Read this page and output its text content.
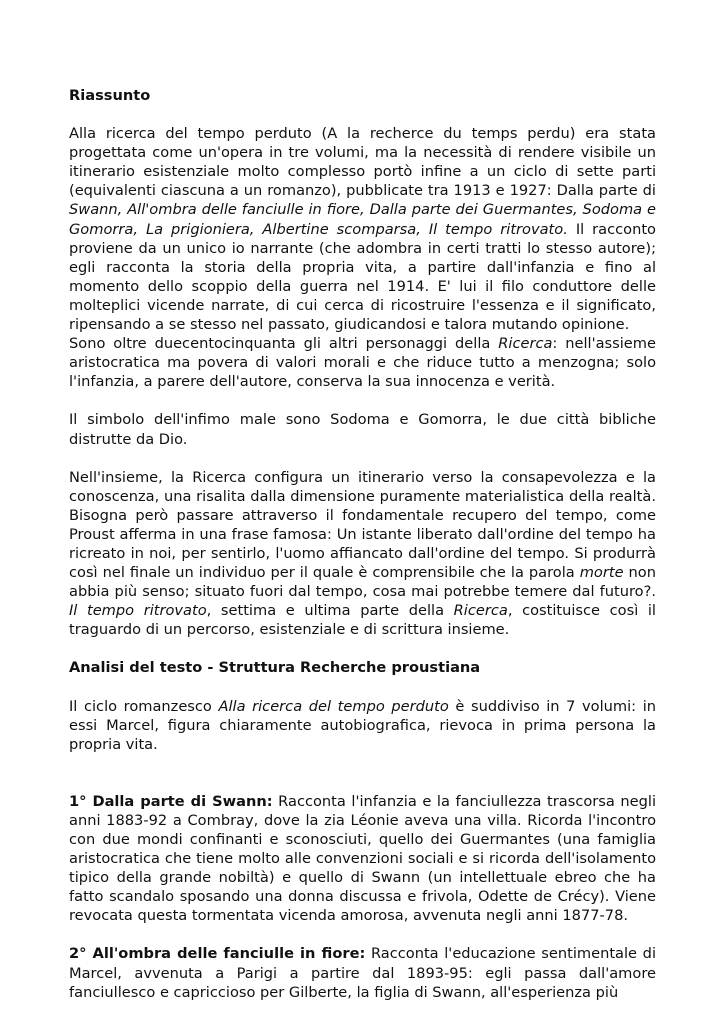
Riassunto

Alla ricerca del tempo perduto (A la recherce du temps perdu) era stata progettata come un'opera in tre volumi, ma la necessità di rendere visibile un itinerario esistenziale molto complesso portò infine a un ciclo di sette parti (equivalenti ciascuna a un romanzo), pubblicate tra 1913 e 1927: Dalla parte di Swann, All'ombra delle fanciulle in fiore, Dalla parte dei Guermantes, Sodoma e Gomorra, La prigioniera, Albertine scomparsa, Il tempo ritrovato. Il racconto proviene da un unico io narrante (che adombra in certi tratti lo stesso autore); egli racconta la storia della propria vita, a partire dall'infanzia e fino al momento dello scoppio della guerra nel 1914. E' lui il filo conduttore delle molteplici vicende narrate, di cui cerca di ricostruire l'essenza e il significato, ripensando a se stesso nel passato, giudicandosi e talora mutando opinione.

Sono oltre duecentocinquanta gli altri personaggi della Ricerca: nell'assieme aristocratica ma povera di valori morali e che riduce tutto a menzogna; solo l'infanzia, a parere dell'autore, conserva la sua innocenza e verità.

Il simbolo dell'infimo male sono Sodoma e Gomorra, le due città bibliche distrutte da Dio.

Nell'insieme, la Ricerca configura un itinerario verso la consapevolezza e la conoscenza, una risalita dalla dimensione puramente materialistica della realtà. Bisogna però passare attraverso il fondamentale recupero del tempo, come Proust afferma in una frase famosa: Un istante liberato dall'ordine del tempo ha ricreato in noi, per sentirlo, l'uomo affiancato dall'ordine del tempo. Si produrrà così nel finale un individuo per il quale è comprensibile che la parola morte non abbia più senso; situato fuori dal tempo, cosa mai potrebbe temere dal futuro?. Il tempo ritrovato, settima e ultima parte della Ricerca, costituisce così il traguardo di un percorso, esistenziale e di scrittura insieme.

Analisi del testo - Struttura Recherche proustiana

Il ciclo romanzesco Alla ricerca del tempo perduto è suddiviso in 7 volumi: in essi Marcel, figura chiaramente autobiografica, rievoca in prima persona la propria vita.

1° Dalla parte di Swann: Racconta l'infanzia e la fanciullezza trascorsa negli anni 1883-92 a Combray, dove la zia Léonie aveva una villa. Ricorda l'incontro con due mondi confinanti e sconosciuti, quello dei Guermantes (una famiglia aristocratica che tiene molto alle convenzioni sociali e si ricorda dell'isolamento tipico della grande nobiltà) e quello di Swann (un intellettuale ebreo che ha fatto scandalo sposando una donna discussa e frivola, Odette de Crécy). Viene revocata questa tormentata vicenda amorosa, avvenuta negli anni 1877-78.

2° All'ombra delle fanciulle in fiore: Racconta l'educazione sentimentale di Marcel, avvenuta a Parigi a partire dal 1893-95: egli passa dall'amore fanciullesco e capriccioso per Gilberte, la figlia di Swann, all'esperienza più
